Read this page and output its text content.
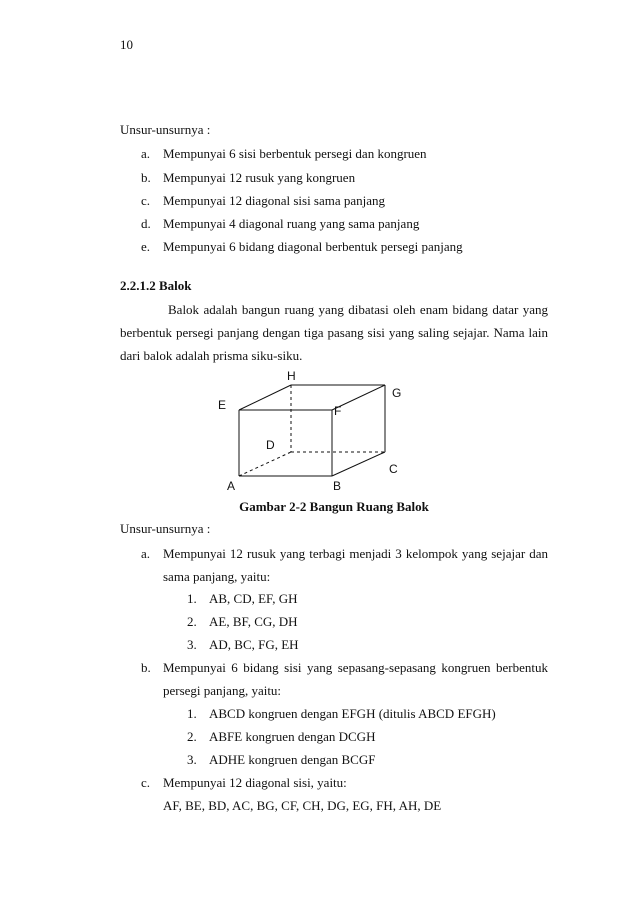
10
Unsur-unsurnya :
a. Mempunyai 6 sisi berbentuk persegi dan kongruen
b. Mempunyai 12 rusuk yang kongruen
c. Mempunyai 12 diagonal sisi sama panjang
d. Mempunyai 4 diagonal ruang yang sama panjang
e. Mempunyai 6 bidang diagonal berbentuk persegi panjang
2.2.1.2 Balok

Balok adalah bangun ruang yang dibatasi oleh enam bidang datar yang berbentuk persegi panjang dengan tiga pasang sisi yang saling sejajar. Nama lain dari balok adalah prisma siku-siku.

H
G
E	F
D
C
A	B
Gambar 2-2 Bangun Ruang Balok
Unsur-unsurnya :
a. Mempunyai 12 rusuk yang terbagi menjadi 3 kelompok yang sejajar dan
sama panjang, yaitu:
1. AB, CD, EF, GH
2. AE, BF, CG, DH
3. AD, BC, FG, EH
b. Mempunyai 6 bidang sisi yang sepasang-sepasang kongruen berbentuk
persegi panjang, yaitu:
1. ABCD kongruen dengan EFGH (ditulis ABCD EFGH)
2. ABFE kongruen dengan DCGH
3. ADHE kongruen dengan BCGF
c. Mempunyai 12 diagonal sisi, yaitu:
AF, BE, BD, AC, BG, CF, CH, DG, EG, FH, AH, DE
